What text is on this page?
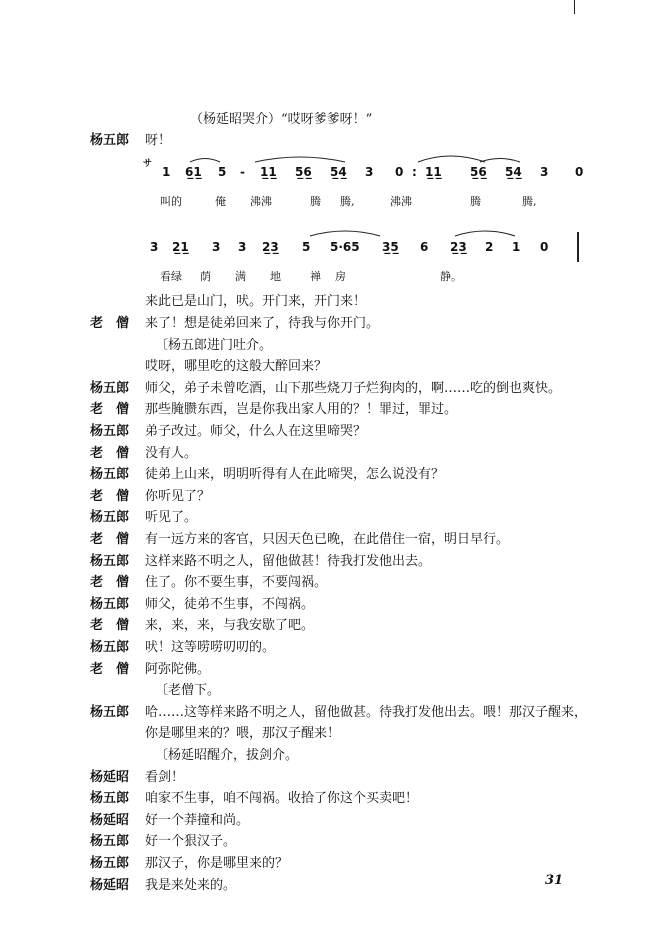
（杨延昭哭介）“哎呀爹爹呀！”
杨五郎 呀！
サ
1 6̲1̲ 5 - 1̲1̲ 5̲6̲ 5̲4̲ 3 0 : 1̲1̲ 5̲6̲ 5̲4̲ 3 0
叫的	俺 沸沸	腾 腾,	沸沸	腾	腾,
3 2̲1̲ 3 3 2̲3̲ 5 5·65 3̲5̲ 6 2̲3̲ 2 1 0
看绿 荫 满 地	禅 房	静。
来此已是山门，吠。开门来，开门来！
老　僧 来了！想是徒弟回来了，待我与你开门。
〔杨五郎进门吐介。
哎呀，哪里吃的这般大醉回来？
杨五郎 师父，弟子未曾吃酒，山下那些烧刀子烂狗肉的，啊……吃的倒也爽快。
老　僧 那些腌臜东西，岂是你我出家人用的？！罪过，罪过。
杨五郎 弟子改过。师父，什么人在这里啼哭？
老　僧 没有人。
杨五郎 徒弟上山来，明明听得有人在此啼哭，怎么说没有？
老　僧 你听见了？
杨五郎 听见了。
老　僧 有一远方来的客官，只因天色已晚，在此借住一宿，明日早行。
杨五郎 这样来路不明之人，留他做甚！待我打发他出去。
老　僧 住了。你不要生事，不要闯祸。
杨五郎 师父，徒弟不生事，不闯祸。
老　僧 来，来，来，与我安歇了吧。
杨五郎 吠！这等唠唠叨叨的。
老　僧 阿弥陀佛。
〔老僧下。
杨五郎 哈……这等样来路不明之人，留他做甚。待我打发他出去。喂！那汉子醒来，
你是哪里来的？喂，那汉子醒来！
〔杨延昭醒介，拔剑介。
杨延昭 看剑！
杨五郎 咱家不生事，咱不闯祸。收拾了你这个买卖吧！
杨延昭 好一个莽撞和尚。
杨五郎 好一个狠汉子。
杨五郎 那汉子，你是哪里来的？
杨延昭 我是来处来的。	31
